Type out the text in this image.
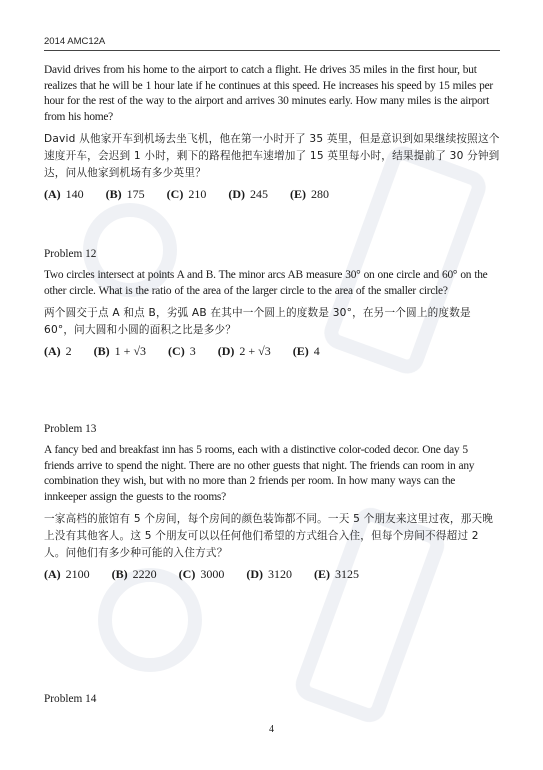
2014 AMC12A

David drives from his home to the airport to catch a flight. He drives 35 miles in the first hour, but realizes that he will be 1 hour late if he continues at this speed. He increases his speed by 15 miles per hour for the rest of the way to the airport and arrives 30 minutes early. How many miles is the airport from his home?

David 从他家开车到机场去坐飞机，他在第一小时开了 35 英里，但是意识到如果继续按照这个速度开车，会迟到 1 小时，剩下的路程他把车速增加了 15 英里每小时，结果提前了 30 分钟到达，问从他家到机场有多少英里？

(A) 140 (B) 175 (C) 210 (D) 245 (E) 280
Problem 12

Two circles intersect at points A and B. The minor arcs AB measure 30° on one circle and 60° on the other circle. What is the ratio of the area of the larger circle to the area of the smaller circle?

两个圆交于点 A 和点 B，劣弧 AB 在其中一个圆上的度数是 30°，在另一个圆上的度数是 60°，问大圆和小圆的面积之比是多少？

(A) 2 (B) 1 + √3 (C) 3 (D) 2 + √3 (E) 4
Problem 13

A fancy bed and breakfast inn has 5 rooms, each with a distinctive color-coded decor. One day 5 friends arrive to spend the night. There are no other guests that night. The friends can room in any combination they wish, but with no more than 2 friends per room. In how many ways can the innkeeper assign the guests to the rooms?

一家高档的旅馆有 5 个房间，每个房间的颜色装饰都不同。一天 5 个朋友来这里过夜，那天晚上没有其他客人。这 5 个朋友可以以任何他们希望的方式组合入住，但每个房间不得超过 2 人。问他们有多少种可能的入住方式？

(A) 2100 (B) 2220 (C) 3000 (D) 3120 (E) 3125
Problem 14
4
